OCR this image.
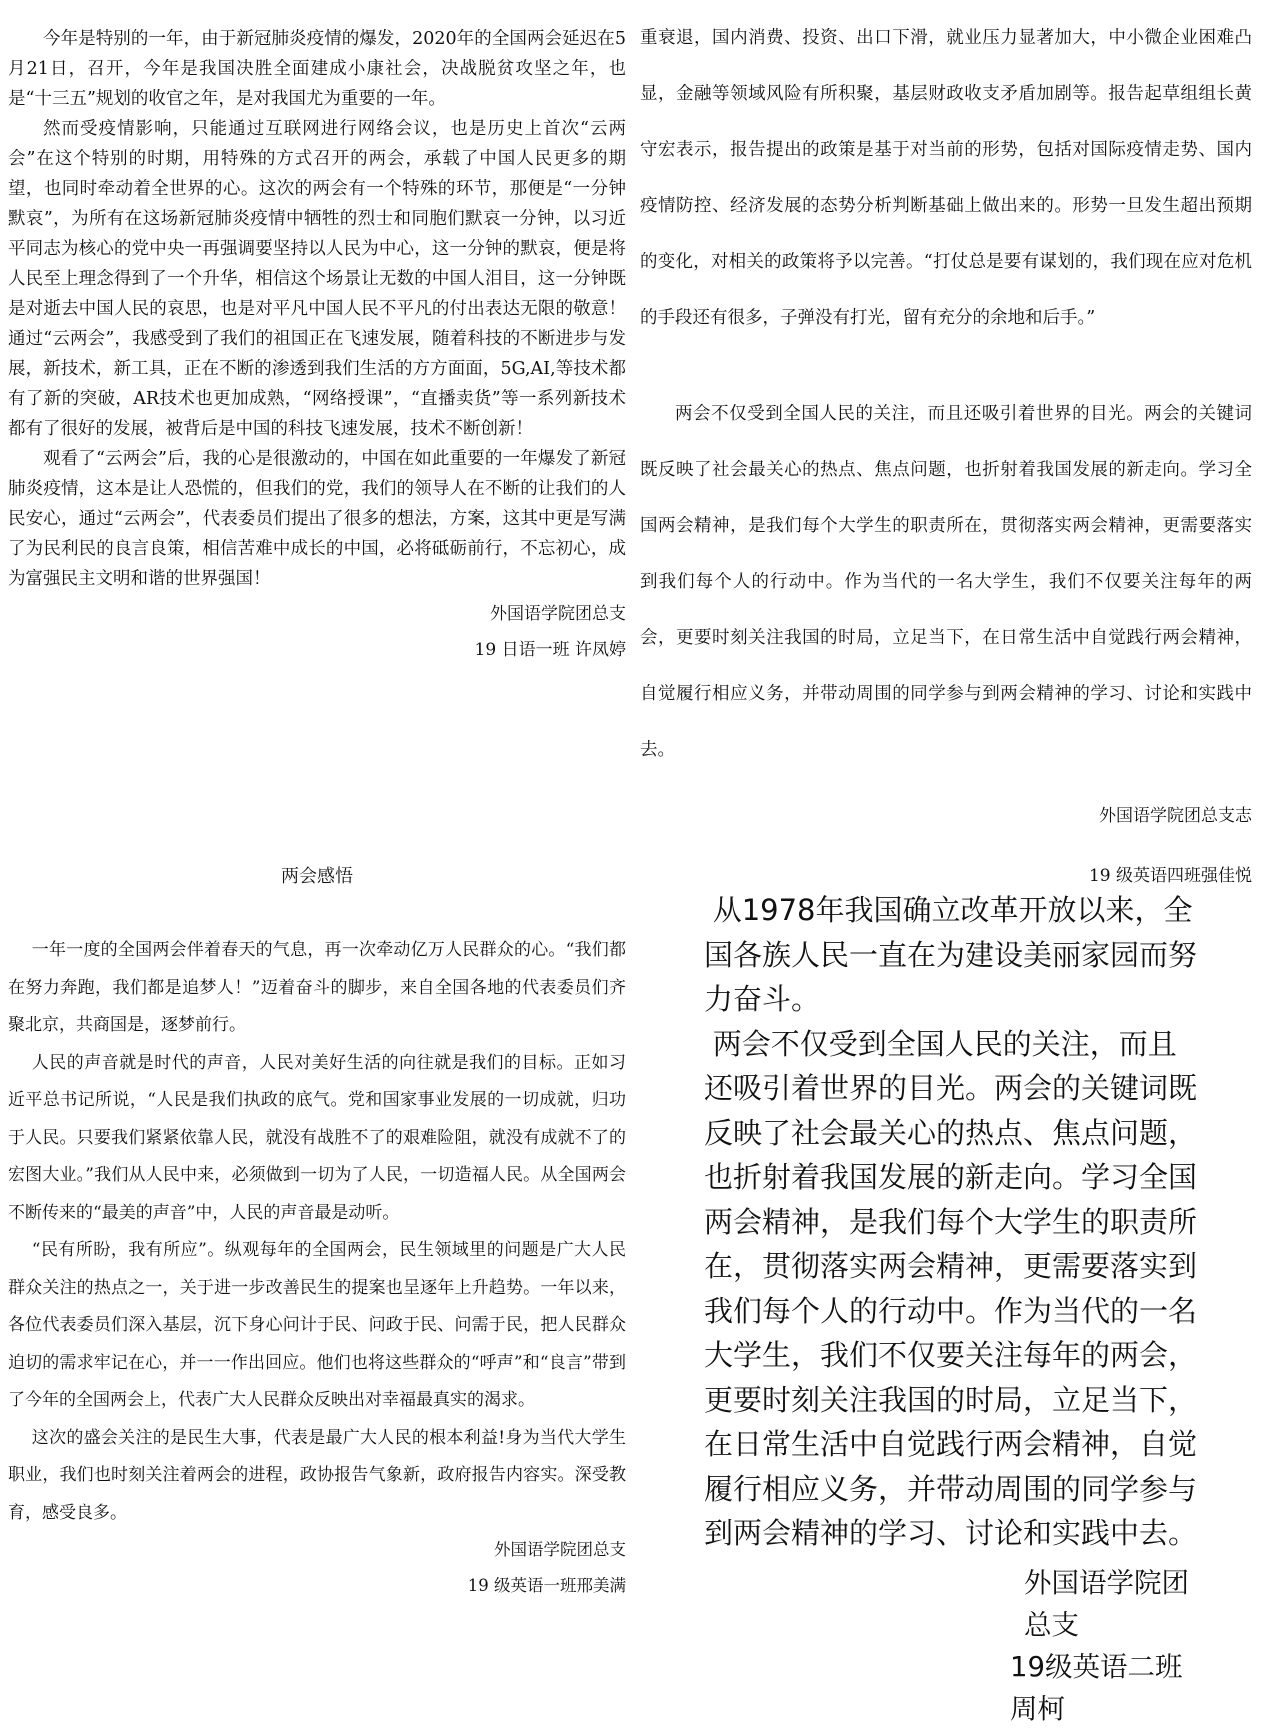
今年是特别的一年，由于新冠肺炎疫情的爆发，2020年的全国两会延迟在5月21日，召开，今年是我国决胜全面建成小康社会，决战脱贫攻坚之年，也是“十三五”规划的收官之年，是对我国尤为重要的一年。

然而受疫情影响，只能通过互联网进行网络会议，也是历史上首次“云两会”在这个特别的时期，用特殊的方式召开的两会，承载了中国人民更多的期望，也同时牵动着全世界的心。这次的两会有一个特殊的环节，那便是“一分钟默哀”，为所有在这场新冠肺炎疫情中牺牲的烈士和同胞们默哀一分钟，以习近平同志为核心的党中央一再强调要坚持以人民为中心，这一分钟的默哀，便是将人民至上理念得到了一个升华，相信这个场景让无数的中国人泪目，这一分钟既是对逝去中国人民的哀思，也是对平凡中国人民不平凡的付出表达无限的敬意！通过“云两会”，我感受到了我们的祖国正在飞速发展，随着科技的不断进步与发展，新技术，新工具，正在不断的渗透到我们生活的方方面面，5G,AI,等技术都有了新的突破，AR技术也更加成熟，“网络授课”，“直播卖货”等一系列新技术都有了很好的发展，被背后是中国的科技飞速发展，技术不断创新！

观看了“云两会”后，我的心是很激动的，中国在如此重要的一年爆发了新冠肺炎疫情，这本是让人恐慌的，但我们的党，我们的领导人在不断的让我们的人民安心，通过“云两会”，代表委员们提出了很多的想法，方案，这其中更是写满了为民利民的良言良策，相信苦难中成长的中国，必将砥砺前行，不忘初心，成为富强民主文明和谐的世界强国！

外国语学院团总支
19 日语一班 许凤婷

重衰退，国内消费、投资、出口下滑，就业压力显著加大，中小微企业困难凸显，金融等领域风险有所积聚，基层财政收支矛盾加剧等。报告起草组组长黄守宏表示，报告提出的政策是基于对当前的形势，包括对国际疫情走势、国内疫情防控、经济发展的态势分析判断基础上做出来的。形势一旦发生超出预期的变化，对相关的政策将予以完善。“打仗总是要有谋划的，我们现在应对危机的手段还有很多，子弹没有打光，留有充分的余地和后手。”

两会不仅受到全国人民的关注，而且还吸引着世界的目光。两会的关键词既反映了社会最关心的热点、焦点问题，也折射着我国发展的新走向。学习全国两会精神，是我们每个大学生的职责所在，贯彻落实两会精神，更需要落实到我们每个人的行动中。作为当代的一名大学生，我们不仅要关注每年的两会，更要时刻关注我国的时局，立足当下，在日常生活中自觉践行两会精神，自觉履行相应义务，并带动周围的同学参与到两会精神的学习、讨论和实践中去。

外国语学院团总支志
19 级英语四班强佳悦
两会感悟

一年一度的全国两会伴着春天的气息，再一次牵动亿万人民群众的心。“我们都在努力奔跑，我们都是追梦人！”迈着奋斗的脚步，来自全国各地的代表委员们齐聚北京，共商国是，逐梦前行。

人民的声音就是时代的声音，人民对美好生活的向往就是我们的目标。正如习近平总书记所说，“人民是我们执政的底气。党和国家事业发展的一切成就，归功于人民。只要我们紧紧依靠人民，就没有战胜不了的艰难险阻，就没有成就不了的宏图大业。”我们从人民中来，必须做到一切为了人民，一切造福人民。从全国两会不断传来的“最美的声音”中，人民的声音最是动听。

“民有所盼，我有所应”。纵观每年的全国两会，民生领域里的问题是广大人民群众关注的热点之一，关于进一步改善民生的提案也呈逐年上升趋势。一年以来，各位代表委员们深入基层，沉下身心问计于民、问政于民、问需于民，把人民群众迫切的需求牢记在心，并一一作出回应。他们也将这些群众的“呼声”和“良言”带到了今年的全国两会上，代表广大人民群众反映出对幸福最真实的渴求。

这次的盛会关注的是民生大事，代表是最广大人民的根本利益!身为当代大学生职业，我们也时刻关注着两会的进程，政协报告气象新，政府报告内容实。深受教育，感受良多。

外国语学院团总支
19 级英语一班邢美满

从1978年我国确立改革开放以来，全国各族人民一直在为建设美丽家园而努力奋斗。

两会不仅受到全国人民的关注，而且还吸引着世界的目光。两会的关键词既反映了社会最关心的热点、焦点问题，也折射着我国发展的新走向。学习全国两会精神，是我们每个大学生的职责所在，贯彻落实两会精神，更需要落实到我们每个人的行动中。作为当代的一名大学生，我们不仅要关注每年的两会，更要时刻关注我国的时局，立足当下，在日常生活中自觉践行两会精神，自觉履行相应义务，并带动周围的同学参与到两会精神的学习、讨论和实践中去。

外国语学院团总支
19级英语二班周柯
